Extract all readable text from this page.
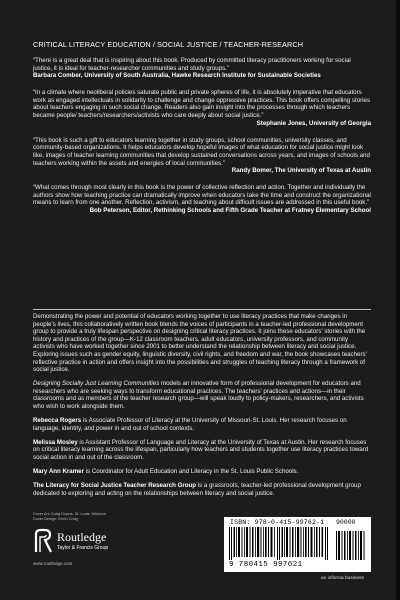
CRITICAL LITERACY EDUCATION / SOCIAL JUSTICE / TEACHER-RESEARCH

“There is a great deal that is inspiring about this book. Produced by committed literacy practitioners working for social justice, it is ideal for teacher-researcher communities and study groups.”

Barbara Comber, University of South Australia, Hawke Research Institute for Sustainable Societies

“In a climate where neoliberal policies saturate public and private spheres of life, it is absolutely imperative that educators work as engaged intellectuals in solidarity to challenge and change oppressive practices. This book offers compelling stories about teachers engaging in such social change. Readers also gain insight into the processes through which teachers became people/ teachers/researchers/activists who care deeply about social justice.”

Stephanie Jones, University of Georgia

“This book is such a gift to educators learning together in study groups, school communities, university classes, and community-based organizations. It helps educators develop hopeful images of what education for social justice might look like, images of teacher learning communities that develop sustained conversations across years, and images of schools and teachers working within the assets and energies of local communities.”

Randy Bomer, The University of Texas at Austin

“What comes through most clearly in this book is the power of collective reflection and action. Together and individually the authors show how teaching practice can dramatically improve when educators take the time and construct the organizational means to learn from one another. Reflection, activism, and teaching about difficult issues are addressed in this useful book.”

Bob Peterson, Editor, Rethinking Schools and Fifth Grade Teacher at Fratney Elementary School

Demonstrating the power and potential of educators working together to use literacy practices that make changes in people’s lives, this collaboratively written book blends the voices of participants in a teacher-led professional development group to provide a truly lifespan perspective on designing critical literacy practices. It joins these educators’ stories with the history and practices of the group—K-12 classroom teachers, adult educators, university professors, and community activists who have worked together since 2001 to better understand the relationship between literacy and social justice. Exploring issues such as gender equity, linguistic diversity, civil rights, and freedom and war, the book showcases teachers’ reflective practice in action and offers insight into the possibilities and struggles of teaching literacy through a framework of social justice.

Designing Socially Just Learning Communities models an innovative form of professional development for educators and researchers who are seeking ways to transform educational practices. The teachers’ practices and actions—in their classrooms and as members of the teacher research group—will speak loudly to policy-makers, researchers, and activists who wish to work alongside them.

Rebecca Rogers is Associate Professor of Literacy at the University of Missouri-St. Louis. Her research focuses on language, identity, and power in and out of school contexts.

Melissa Mosley is Assistant Professor of Language and Literacy at the University of Texas at Austin. Her research focuses on critical literacy learning across the lifespan, particularly how teachers and students together use literacy practices toward social action in and out of the classroom.

Mary Ann Kramer is Coordinator for Adult Education and Literacy in the St. Louis Public Schools.

The Literacy for Social Justice Teacher Research Group is a grassroots, teacher-led professional development group dedicated to exploring and acting on the relationships between literacy and social justice.

Cover Art: Craig Downs, St. Louis, Missouri
Cover Design: Kevin Craig
Routledge
Taylor & Francis Group
www.routledge.com
ISBN: 978-0-415-99762-1
9 780415 997621
90000
an informa business
